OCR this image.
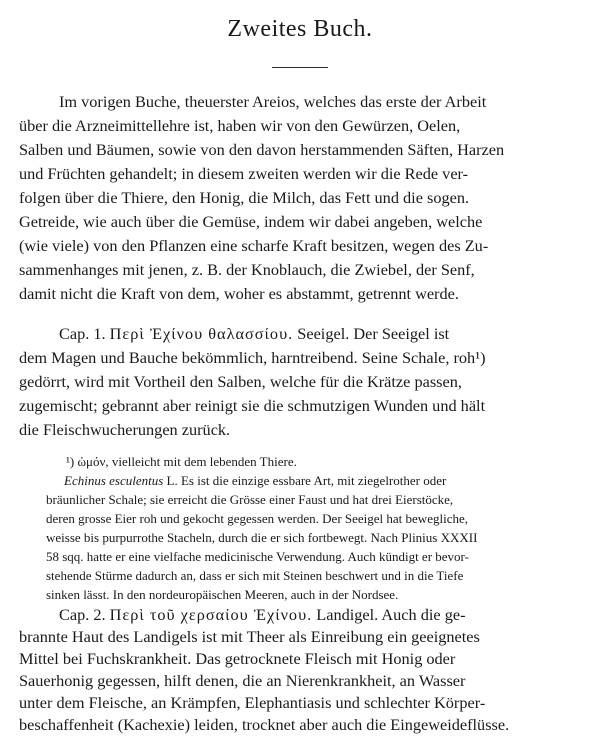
Zweites Buch.

Im vorigen Buche, theuerster Areios, welches das erste der Arbeit

über die Arzneimittellehre ist, haben wir von den Gewürzen, Oelen,

Salben und Bäumen, sowie von den davon herstammenden Säften, Harzen

und Früchten gehandelt; in diesem zweiten werden wir die Rede ver-

folgen über die Thiere, den Honig, die Milch, das Fett und die sogen.

Getreide, wie auch über die Gemüse, indem wir dabei angeben, welche

(wie viele) von den Pflanzen eine scharfe Kraft besitzen, wegen des Zu-

sammenhanges mit jenen, z. B. der Knoblauch, die Zwiebel, der Senf,

damit nicht die Kraft von dem, woher es abstammt, getrennt werde.

Cap. 1. Περὶ Ἐχίνου θαλασσίου. Seeigel. Der Seeigel ist

dem Magen und Bauche bekömmlich, harntreibend. Seine Schale, roh¹)

gedörrt, wird mit Vortheil den Salben, welche für die Krätze passen,

zugemischt; gebrannt aber reinigt sie die schmutzigen Wunden und hält

die Fleischwucherungen zurück.

¹) ὠμόν, vielleicht mit dem lebenden Thiere.

Echinus esculentus L. Es ist die einzige essbare Art, mit ziegelrother oder

bräunlicher Schale; sie erreicht die Grösse einer Faust und hat drei Eierstöcke,

deren grosse Eier roh und gekocht gegessen werden. Der Seeigel hat bewegliche,

weisse bis purpurrothe Stacheln, durch die er sich fortbewegt. Nach Plinius XXXII

58 sqq. hatte er eine vielfache medicinische Verwendung. Auch kündigt er bevor-

stehende Stürme dadurch an, dass er sich mit Steinen beschwert und in die Tiefe

sinken lässt. In den nordeuropäischen Meeren, auch in der Nordsee.

Cap. 2. Περὶ τοῦ χερσαίου Ἐχίνου. Landigel. Auch die ge-

brannte Haut des Landigels ist mit Theer als Einreibung ein geeignetes

Mittel bei Fuchskrankheit. Das getrocknete Fleisch mit Honig oder

Sauerhonig gegessen, hilft denen, die an Nierenkrankheit, an Wasser

unter dem Fleische, an Krämpfen, Elephantiasis und schlechter Körper-

beschaffenheit (Kachexie) leiden, trocknet aber auch die Eingeweideflüsse.
